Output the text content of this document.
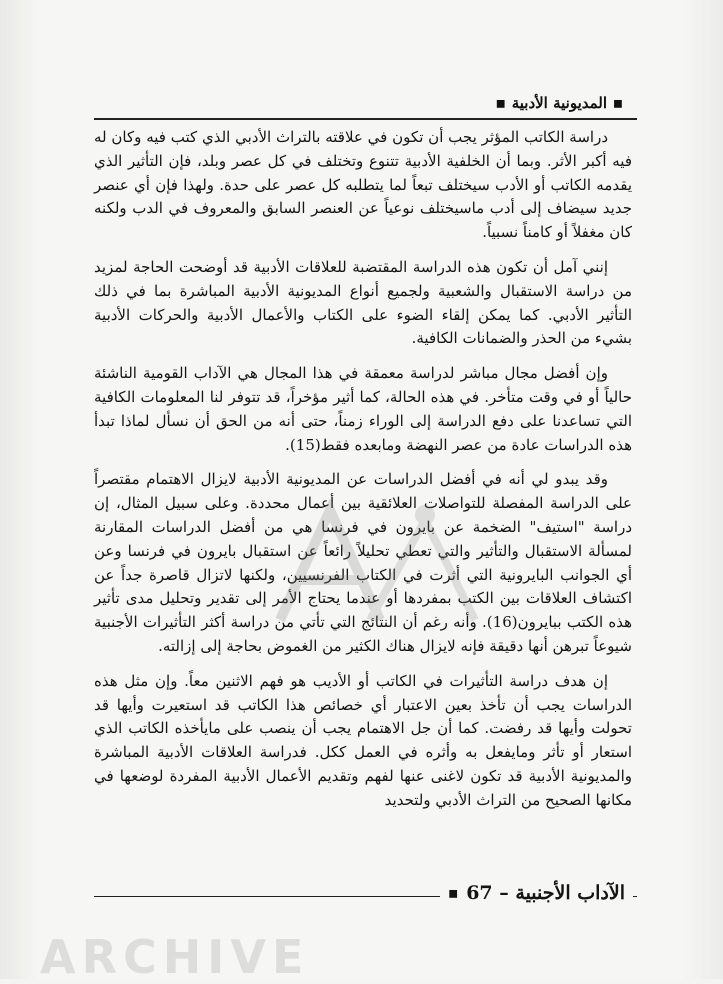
◼
المديونية الأدبية
◼

دراسة الكاتب المؤثر يجب أن تكون في علاقته بالتراث الأدبي الذي كتب فيه وكان له فيه أكبر الأثر. وبما أن الخلفية الأدبية تتنوع وتختلف في كل عصر وبلد، فإن التأثير الذي يقدمه الكاتب أو الأدب سيختلف تبعاً لما يتطلبه كل عصر على حدة. ولهذا فإن أي عنصر جديد سيضاف إلى أدب ماسيختلف نوعياً عن العنصر السابق والمعروف في الدب ولكنه كان مغفلاً أو كامناً نسبياً.

إنني آمل أن تكون هذه الدراسة المقتضبة للعلاقات الأدبية قد أوضحت الحاجة لمزيد من دراسة الاستقبال والشعبية ولجميع أنواع المديونية الأدبية المباشرة بما في ذلك التأثير الأدبي. كما يمكن إلقاء الضوء على الكتاب والأعمال الأدبية والحركات الأدبية بشيء من الحذر والضمانات الكافية.

وإن أفضل مجال مباشر لدراسة معمقة في هذا المجال هي الآداب القومية الناشئة حالياً أو في وقت متأخر. في هذه الحالة، كما أثير مؤخراً، قد تتوفر لنا المعلومات الكافية التي تساعدنا على دفع الدراسة إلى الوراء زمناً، حتى أنه من الحق أن نسأل لماذا تبدأ هذه الدراسات عادة من عصر النهضة ومابعده فقط(15).

وقد يبدو لي أنه في أفضل الدراسات عن المديونية الأدبية لايزال الاهتمام مقتصراً على الدراسة المفصلة للتواصلات العلائقية بين أعمال محددة. وعلى سبيل المثال، إن دراسة "استيف" الضخمة عن بايرون في فرنسا هي من أفضل الدراسات المقارنة لمسألة الاستقبال والتأثير والتي تعطي تحليلاً رائعاً عن استقبال بايرون في فرنسا وعن أي الجوانب البايرونية التي أثرت في الكتاب الفرنسيين، ولكنها لاتزال قاصرة جداً عن اكتشاف العلاقات بين الكتب بمفردها أو عندما يحتاج الأمر إلى تقدير وتحليل مدى تأثير هذه الكتب ببايرون(16). وأنه رغم أن النتائج التي تأتي من دراسة أكثر التأثيرات الأجنبية شيوعاً تبرهن أنها دقيقة فإنه لايزال هناك الكثير من الغموض بحاجة إلى إزالته.

إن هدف دراسة التأثيرات في الكاتب أو الأديب هو فهم الاثنين معاً. وإن مثل هذه الدراسات يجب أن تأخذ بعين الاعتبار أي خصائص هذا الكاتب قد استعيرت وأيها قد تحولت وأيها قد رفضت. كما أن جل الاهتمام يجب أن ينصب على مايأخذه الكاتب الذي استعار أو تأثر ومايفعل به وأثره في العمل ككل. فدراسة العلاقات الأدبية المباشرة والمديونية الأدبية قد تكون لاغنى عنها لفهم وتقديم الأعمال الأدبية المفردة لوضعها في مكانها الصحيح من التراث الأدبي ولتحديد

الآداب الأجنبية – 67
◼
ARCHIVE
